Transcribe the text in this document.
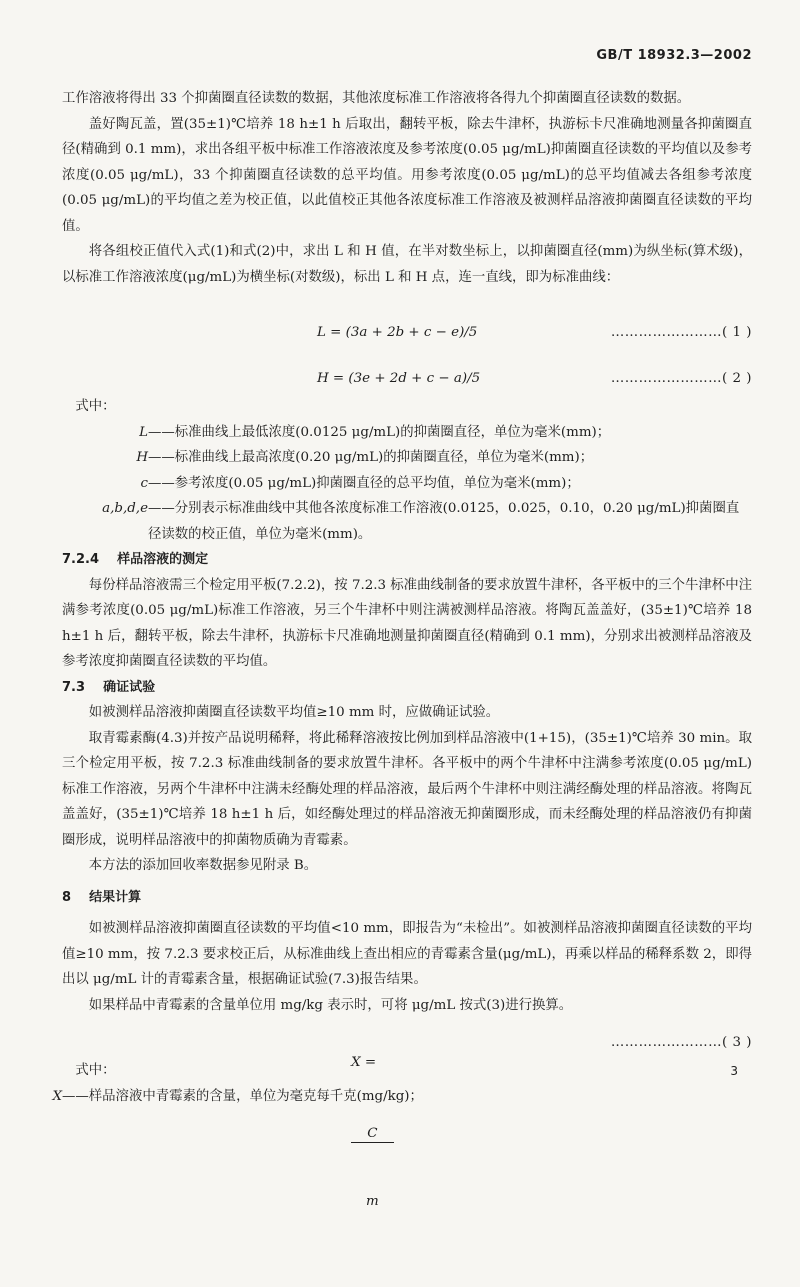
GB/T 18932.3—2002

工作溶液将得出 33 个抑菌圈直径读数的数据，其他浓度标准工作溶液将各得九个抑菌圈直径读数的数据。

盖好陶瓦盖，置(35±1)℃培养 18 h±1 h 后取出，翻转平板，除去牛津杯，执游标卡尺准确地测量各抑菌圈直径(精确到 0.1 mm)，求出各组平板中标准工作溶液浓度及参考浓度(0.05 μg/mL)抑菌圈直径读数的平均值以及参考浓度(0.05 μg/mL)，33 个抑菌圈直径读数的总平均值。用参考浓度(0.05 μg/mL)的总平均值减去各组参考浓度(0.05 μg/mL)的平均值之差为校正值，以此值校正其他各浓度标准工作溶液及被测样品溶液抑菌圈直径读数的平均值。

将各组校正值代入式(1)和式(2)中，求出 L 和 H 值，在半对数坐标上，以抑菌圈直径(mm)为纵坐标(算术级)，以标准工作溶液浓度(μg/mL)为横坐标(对数级)，标出 L 和 H 点，连一直线，即为标准曲线：

L = (3a + 2b + c − e)/5	……………………( 1 )
H = (3e + 2d + c − a)/5	……………………( 2 )

式中：

L ——标准曲线上最低浓度(0.0125 μg/mL)的抑菌圈直径，单位为毫米(mm)；
H ——标准曲线上最高浓度(0.20 μg/mL)的抑菌圈直径，单位为毫米(mm)；
c ——参考浓度(0.05 μg/mL)抑菌圈直径的总平均值，单位为毫米(mm)；
a,b,d,e ——分别表示标准曲线中其他各浓度标准工作溶液(0.0125，0.025，0.10，0.20 μg/mL)抑菌圈直径读数的校正值，单位为毫米(mm)。

7.2.4 样品溶液的测定

每份样品溶液需三个检定用平板(7.2.2)，按 7.2.3 标准曲线制备的要求放置牛津杯，各平板中的三个牛津杯中注满参考浓度(0.05 μg/mL)标准工作溶液，另三个牛津杯中则注满被测样品溶液。将陶瓦盖盖好，(35±1)℃培养 18 h±1 h 后，翻转平板，除去牛津杯，执游标卡尺准确地测量抑菌圈直径(精确到 0.1 mm)，分别求出被测样品溶液及参考浓度抑菌圈直径读数的平均值。

7.3 确证试验

如被测样品溶液抑菌圈直径读数平均值≥10 mm 时，应做确证试验。

取青霉素酶(4.3)并按产品说明稀释，将此稀释溶液按比例加到样品溶液中(1+15)，(35±1)℃培养 30 min。取三个检定用平板，按 7.2.3 标准曲线制备的要求放置牛津杯。各平板中的两个牛津杯中注满参考浓度(0.05 μg/mL)标准工作溶液，另两个牛津杯中注满未经酶处理的样品溶液，最后两个牛津杯中则注满经酶处理的样品溶液。将陶瓦盖盖好，(35±1)℃培养 18 h±1 h 后，如经酶处理过的样品溶液无抑菌圈形成，而未经酶处理的样品溶液仍有抑菌圈形成，说明样品溶液中的抑菌物质确为青霉素。

本方法的添加回收率数据参见附录 B。

8 结果计算

如被测样品溶液抑菌圈直径读数的平均值<10 mm，即报告为“未检出”。如被测样品溶液抑菌圈直径读数的平均值≥10 mm，按 7.2.3 要求校正后，从标准曲线上查出相应的青霉素含量(μg/mL)，再乘以样品的稀释系数 2，即得出以 μg/mL 计的青霉素含量，根据确证试验(7.3)报告结果。

如果样品中青霉素的含量单位用 mg/kg 表示时，可将 μg/mL 按式(3)进行换算。

X =

$\frac{C}{m}$

……………………( 3 )

式中：

X ——样品溶液中青霉素的含量，单位为毫克每千克(mg/kg)；
3
